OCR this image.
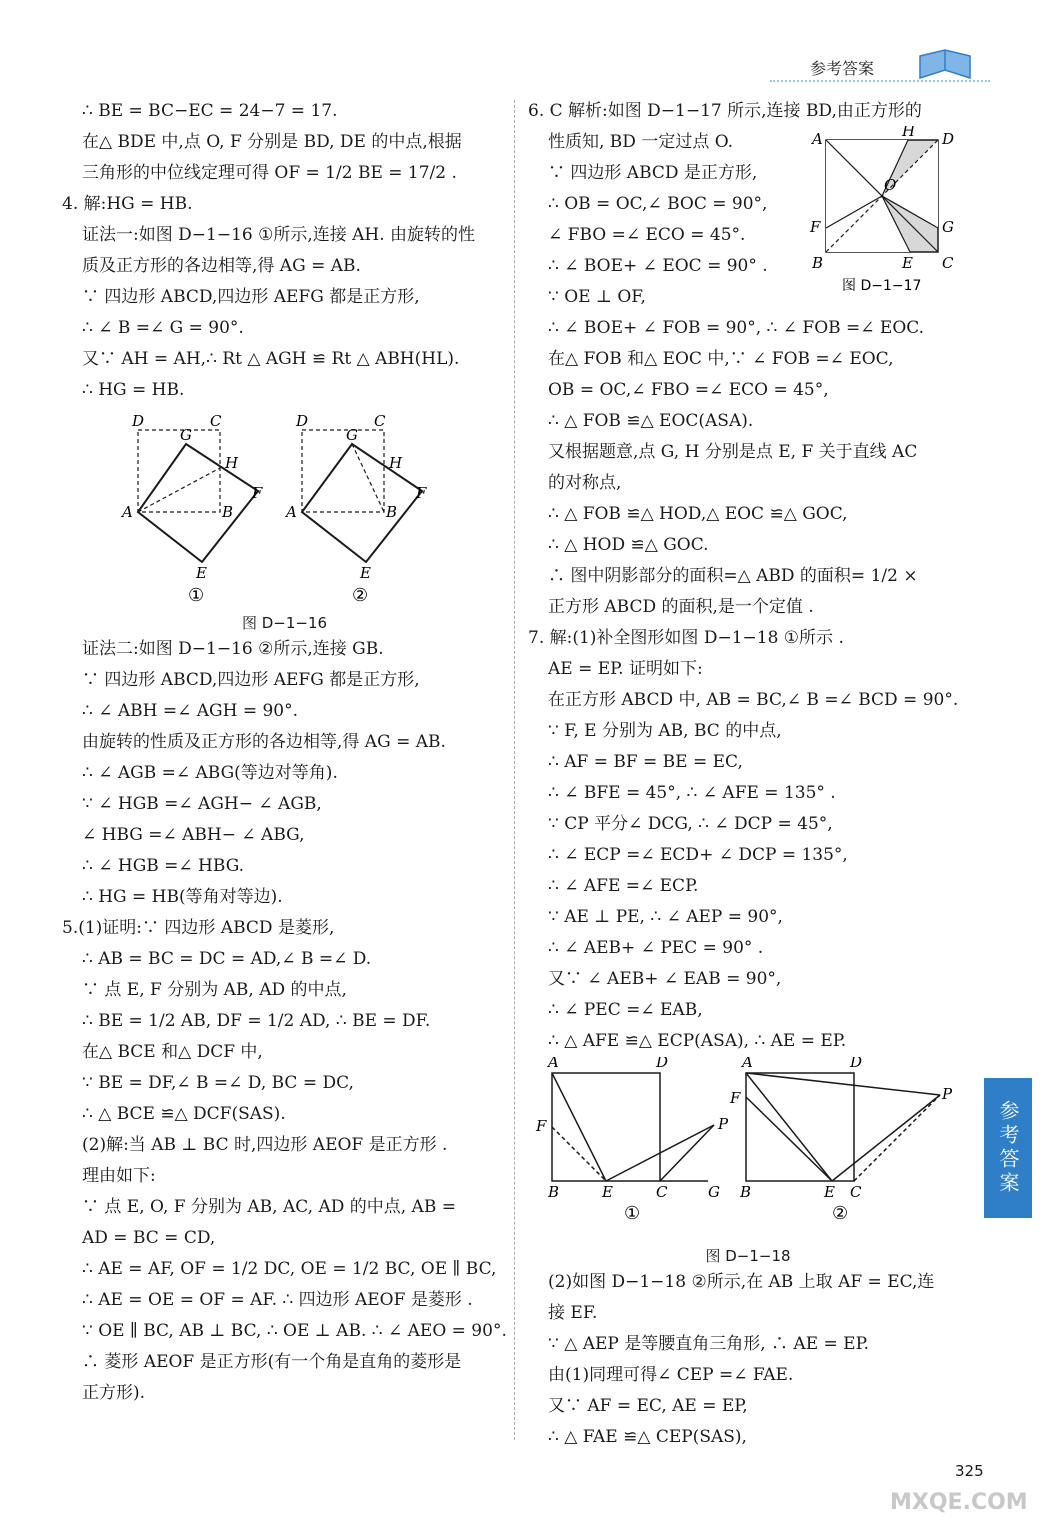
参考答案
∴ BE = BC−EC = 24−7 = 17.
在△ BDE 中,点 O, F 分别是 BD, DE 的中点,根据
三角形的中位线定理可得 OF = 1/2 BE = 17/2 .
4. 解:HG = HB.
证法一:如图 D−1−16 ①所示,连接 AH. 由旋转的性
质及正方形的各边相等,得 AG = AB.
∵ 四边形 ABCD,四边形 AEFG 都是正方形,
∴ ∠ B =∠ G = 90°.
又∵ AH = AH,∴ Rt △ AGH ≌ Rt △ ABH(HL).
∴ HG = HB.
D	C
G
H
F
A	B
E
①
D	C
G
H
F
A	B
E
②
图 D−1−16
证法二:如图 D−1−16 ②所示,连接 GB.
∵ 四边形 ABCD,四边形 AEFG 都是正方形,
∴ ∠ ABH =∠ AGH = 90°.
由旋转的性质及正方形的各边相等,得 AG = AB.
∴ ∠ AGB =∠ ABG(等边对等角).
∵ ∠ HGB =∠ AGH− ∠ AGB,
∠ HBG =∠ ABH− ∠ ABG,
∴ ∠ HGB =∠ HBG.
∴ HG = HB(等角对等边).
5.(1)证明:∵ 四边形 ABCD 是菱形,
∴ AB = BC = DC = AD,∠ B =∠ D.
∵ 点 E, F 分别为 AB, AD 的中点,
∴ BE = 1/2 AB, DF = 1/2 AD, ∴ BE = DF.
在△ BCE 和△ DCF 中,
∵ BE = DF,∠ B =∠ D, BC = DC,
∴ △ BCE ≌△ DCF(SAS).
(2)解:当 AB ⊥ BC 时,四边形 AEOF 是正方形 .
理由如下:
∵ 点 E, O, F 分别为 AB, AC, AD 的中点, AB =
AD = BC = CD,
∴ AE = AF, OF = 1/2 DC, OE = 1/2 BC, OE ∥ BC,
∴ AE = OE = OF = AF. ∴ 四边形 AEOF 是菱形 .
∵ OE ∥ BC, AB ⊥ BC, ∴ OE ⊥ AB. ∴ ∠ AEO = 90°.
∴ 菱形 AEOF 是正方形(有一个角是直角的菱形是
正方形).
6. C 解析:如图 D−1−17 所示,连接 BD,由正方形的
性质知, BD 一定过点 O.
∵ 四边形 ABCD 是正方形,
∴ OB = OC,∠ BOC = 90°,
∠ FBO =∠ ECO = 45°.
∴ ∠ BOE+ ∠ EOC = 90° .
∵ OE ⊥ OF,
A	H D
O
F	G
B	E C
图 D−1−17
∴ ∠ BOE+ ∠ FOB = 90°, ∴ ∠ FOB =∠ EOC.
在△ FOB 和△ EOC 中,∵ ∠ FOB =∠ EOC,
OB = OC,∠ FBO =∠ ECO = 45°,
∴ △ FOB ≌△ EOC(ASA).
又根据题意,点 G, H 分别是点 E, F 关于直线 AC
的对称点,
∴ △ FOB ≌△ HOD,△ EOC ≌△ GOC,
∴ △ HOD ≌△ GOC.
∴ 图中阴影部分的面积=△ ABD 的面积= 1/2 ×
正方形 ABCD 的面积,是一个定值 .
7. 解:(1)补全图形如图 D−1−18 ①所示 .
AE = EP. 证明如下:
在正方形 ABCD 中, AB = BC,∠ B =∠ BCD = 90°.
∵ F, E 分别为 AB, BC 的中点,
∴ AF = BF = BE = EC,
∴ ∠ BFE = 45°, ∴ ∠ AFE = 135° .
∵ CP 平分∠ DCG, ∴ ∠ DCP = 45°,
∴ ∠ ECP =∠ ECD+ ∠ DCP = 135°,
∴ ∠ AFE =∠ ECP.
∵ AE ⊥ PE, ∴ ∠ AEP = 90°,
∴ ∠ AEB+ ∠ PEC = 90° .
又∵ ∠ AEB+ ∠ EAB = 90°,
∴ ∠ PEC =∠ EAB,
∴ △ AFE ≌△ ECP(ASA), ∴ AE = EP.
A	D
F	P
B	E	C	G
①
A	D
F	P
B	E C
②
图 D−1−18
(2)如图 D−1−18 ②所示,在 AB 上取 AF = EC,连
接 EF.
∵ △ AEP 是等腰直角三角形, ∴ AE = EP.
由(1)同理可得∠ CEP =∠ FAE.
又∵ AF = EC, AE = EP,
∴ △ FAE ≌△ CEP(SAS),
参考答案
325
MXQE.COM
